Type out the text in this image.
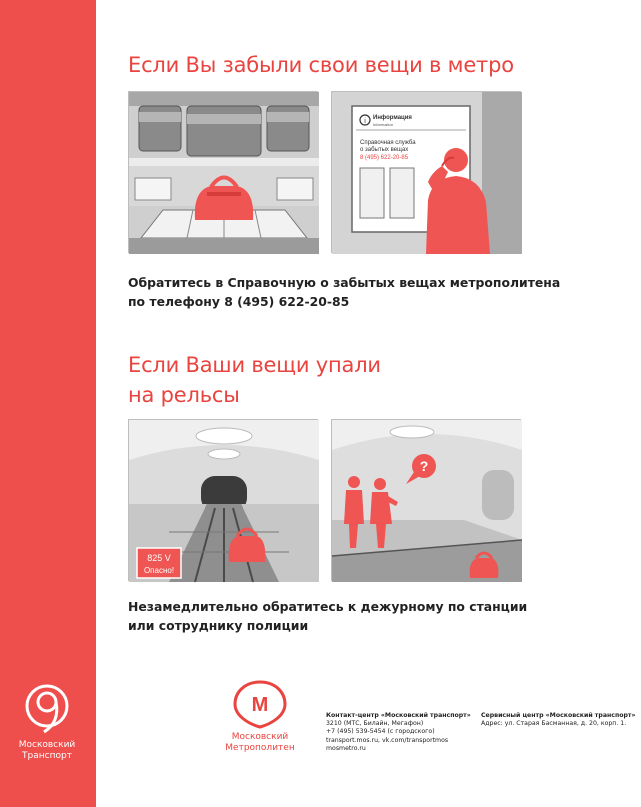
Если Вы забыли свои вещи в метро
i Информация
Information
Справочная служба
о забытых вещах
8 (495) 622-20-85

Обратитесь в Справочную о забытых вещах метрополитена
по телефону 8 (495) 622-20-85

Если Ваши вещи упали
на рельсы
825 V
Опасно!
?

Незамедлительно обратитесь к дежурному по станции
или сотруднику полиции

М
Московский
Метрополитен
Контакт-центр «Московский транспорт»
3210 (МТС, Билайн, Мегафон)
+7 (495) 539-5454 (с городского)
transport.mos.ru, vk.com/transportmos
mosmetro.ru
Сервисный центр «Московский транспорт» Адрес: ул. Старая Басманная, д. 20, корп. 1.
Московский
Транспорт
